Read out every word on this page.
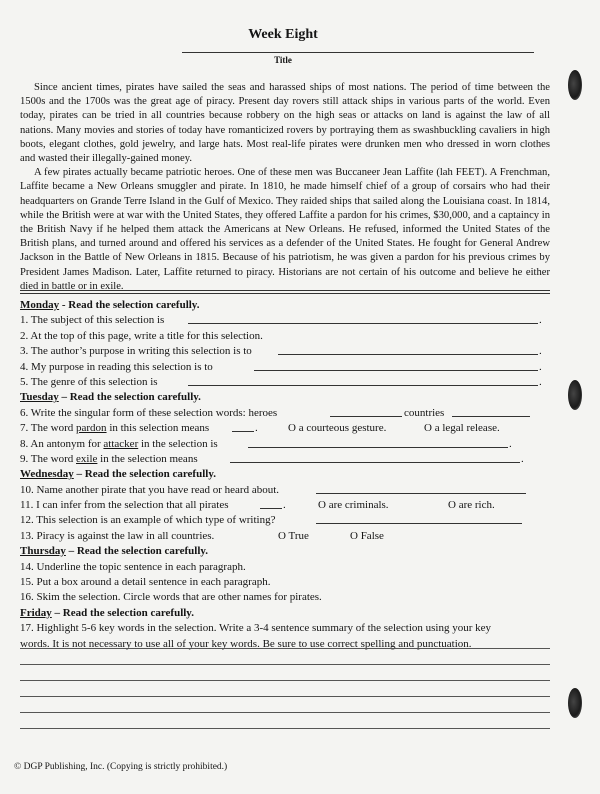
Week Eight
Title

Since ancient times, pirates have sailed the seas and harassed ships of most nations. The period of time between the 1500s and the 1700s was the great age of piracy. Present day rovers still attack ships in various parts of the world. Even today, pirates can be tried in all countries because robbery on the high seas or attacks on land is against the law of all nations. Many movies and stories of today have romanticized rovers by portraying them as swashbuckling cavaliers in high boots, elegant clothes, gold jewelry, and large hats. Most real-life pirates were drunken men who dressed in worn clothes and wasted their illegally-gained money.

A few pirates actually became patriotic heroes. One of these men was Buccaneer Jean Laffite (lah FEET). A Frenchman, Laffite became a New Orleans smuggler and pirate. In 1810, he made himself chief of a group of corsairs who had their headquarters on Grande Terre Island in the Gulf of Mexico. They raided ships that sailed along the Louisiana coast. In 1814, while the British were at war with the United States, they offered Laffite a pardon for his crimes, $30,000, and a captaincy in the British Navy if he helped them attack the Americans at New Orleans. He refused, informed the United States of the British plans, and turned around and offered his services as a defender of the United States. He fought for General Andrew Jackson in the Battle of New Orleans in 1815. Because of his patriotism, he was given a pardon for his previous crimes by President James Madison. Later, Laffite returned to piracy. Historians are not certain of his outcome and believe he either died in battle or in exile.

Monday - Read the selection carefully.
1. The subject of this selection is	.
2. At the top of this page, write a title for this selection.
3. The author’s purpose in writing this selection is to	.
4. My purpose in reading this selection is to	.
5. The genre of this selection is	.
Tuesday – Read the selection carefully.
6. Write the singular form of these selection words: heroes	countries
7. The word pardon in this selection means	.	O a courteous gesture.	O a legal release.
8. An antonym for attacker in the selection is	.
9. The word exile in the selection means	.
Wednesday – Read the selection carefully.
10. Name another pirate that you have read or heard about.
11. I can infer from the selection that all pirates	.	O are criminals.	O are rich.
12. This selection is an example of which type of writing?
13. Piracy is against the law in all countries.	O True	O False
Thursday – Read the selection carefully.
14. Underline the topic sentence in each paragraph.
15. Put a box around a detail sentence in each paragraph.
16. Skim the selection. Circle words that are other names for pirates.
Friday – Read the selection carefully.
17. Highlight 5-6 key words in the selection. Write a 3-4 sentence summary of the selection using your key
words. It is not necessary to use all of your key words. Be sure to use correct spelling and punctuation.
© DGP Publishing, Inc. (Copying is strictly prohibited.)
